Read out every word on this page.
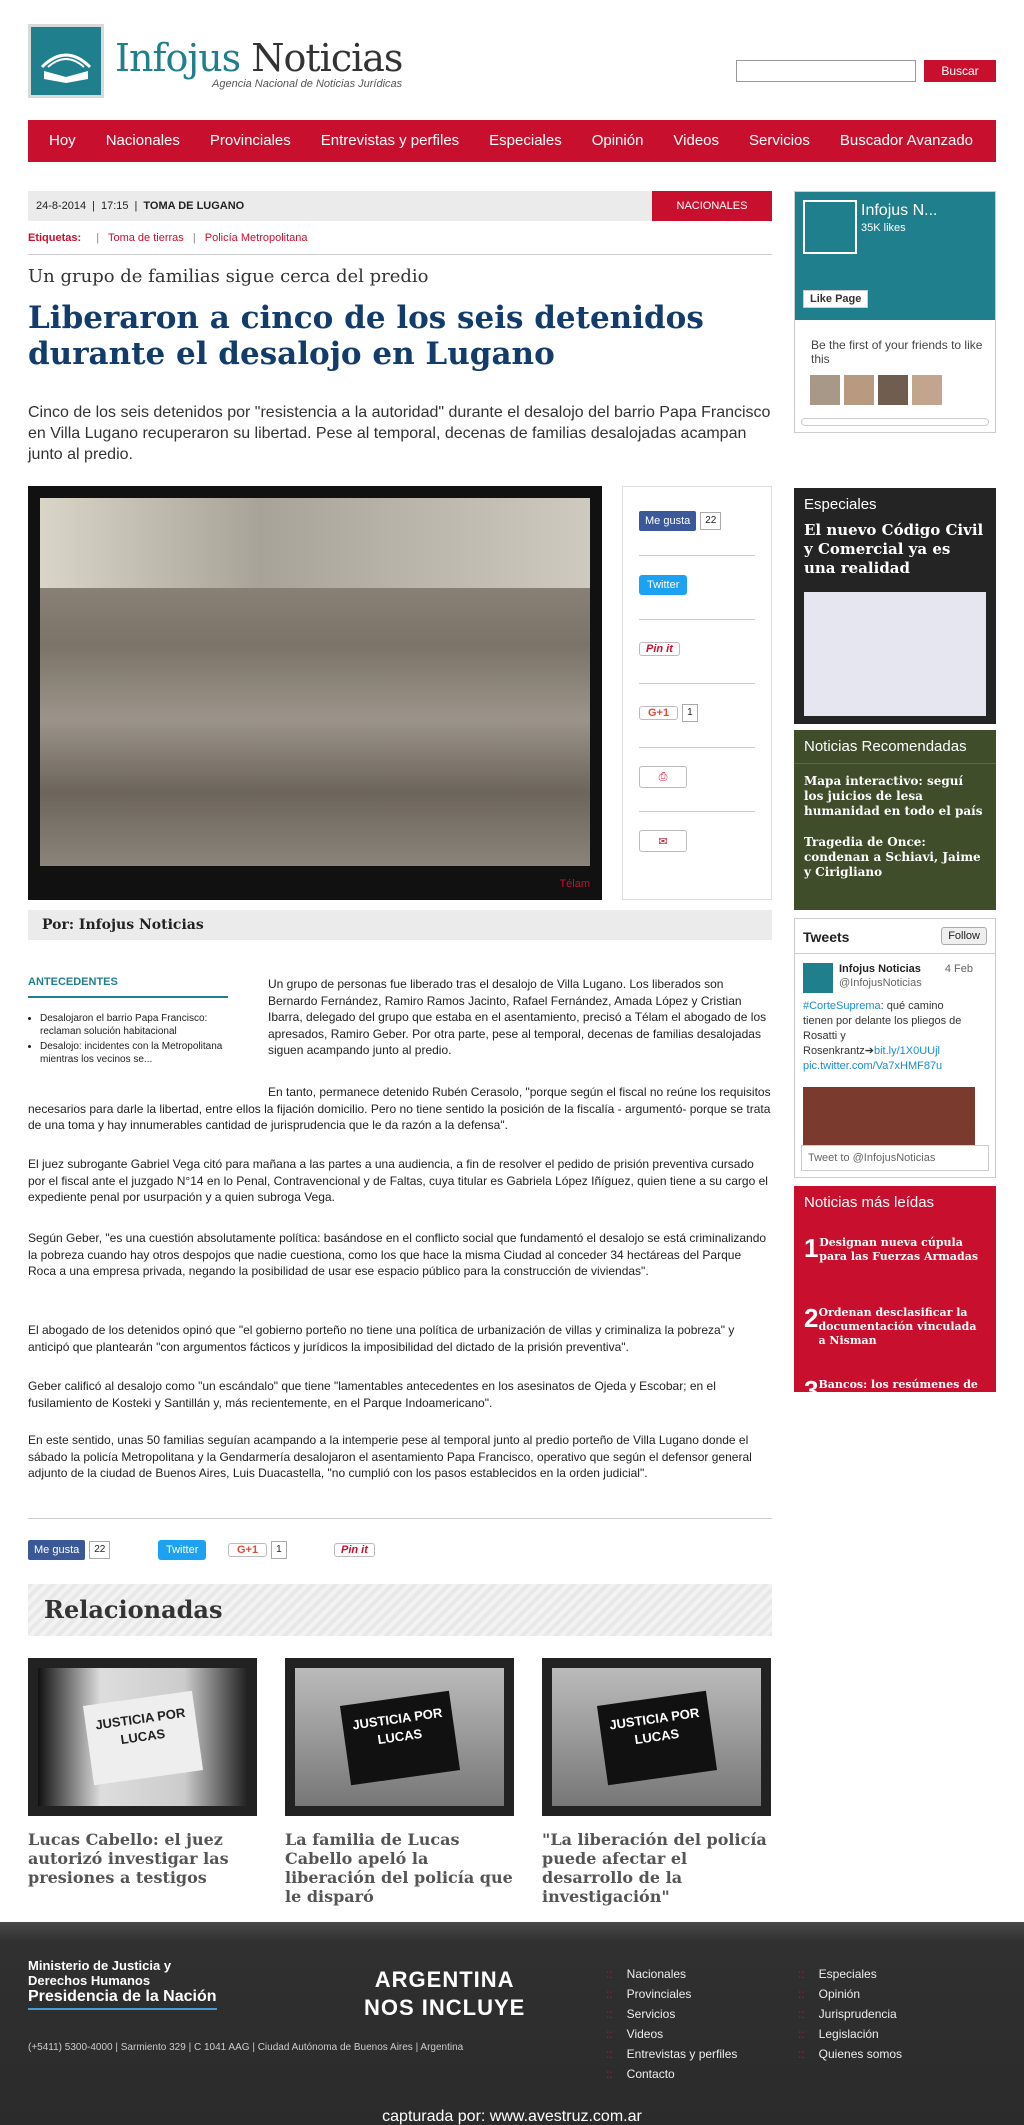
Infojus Noticias
Agencia Nacional de Noticias Jurídicas
Buscar
Hoy	Nacionales	Provinciales	Entrevistas y perfiles	Especiales	Opinión	Videos	Servicios	Buscador Avanzado
24-8-2014 | 17:15 | TOMA DE LUGANO	NACIONALES
Etiquetas: | Toma de tierras | Policía Metropolitana
Un grupo de familias sigue cerca del predio
Liberaron a cinco de los seis detenidos durante el desalojo en Lugano
Cinco de los seis detenidos por "resistencia a la autoridad" durante el desalojo del barrio Papa Francisco en Villa Lugano recuperaron su libertad. Pese al temporal, decenas de familias desalojadas acampan junto al predio.
Télam
Me gusta	22
Twitter
Pin it
G+1	1
⎙
✉
Por: Infojus Noticias
ANTECEDENTES
• Desalojaron el barrio Papa Francisco: reclaman solución habitacional
• Desalojo: incidentes con la Metropolitana mientras los vecinos se...
Un grupo de personas fue liberado tras el desalojo de Villa Lugano. Los liberados son Bernardo Fernández, Ramiro Ramos Jacinto, Rafael Fernández, Amada López y Cristian Ibarra, delegado del grupo que estaba en el asentamiento, precisó a Télam el abogado de los apresados, Ramiro Geber. Por otra parte, pese al temporal, decenas de familias desalojadas siguen acampando junto al predio.
En tanto, permanece detenido Rubén Cerasolo, "porque según el fiscal no reúne los requisitos necesarios para darle la libertad, entre ellos la fijación domicilio. Pero no tiene sentido la posición de la fiscalía - argumentó- porque se trata de una toma y hay innumerables cantidad de jurisprudencia que le da razón a la defensa".
El juez subrogante Gabriel Vega citó para mañana a las partes a una audiencia, a fin de resolver el pedido de prisión preventiva cursado por el fiscal ante el juzgado N°14 en lo Penal, Contravencional y de Faltas, cuya titular es Gabriela López Iñíguez, quien tiene a su cargo el expediente penal por usurpación y a quien subroga Vega.
Según Geber, "es una cuestión absolutamente política: basándose en el conflicto social que fundamentó el desalojo se está criminalizando la pobreza cuando hay otros despojos que nadie cuestiona, como los que hace la misma Ciudad al conceder 34 hectáreas del Parque Roca a una empresa privada, negando la posibilidad de usar ese espacio público para la construcción de viviendas".
El abogado de los detenidos opinó que "el gobierno porteño no tiene una política de urbanización de villas y criminaliza la pobreza" y anticipó que plantearán "con argumentos fácticos y jurídicos la imposibilidad del dictado de la prisión preventiva".
Geber calificó al desalojo como "un escándalo" que tiene "lamentables antecedentes en los asesinatos de Ojeda y Escobar; en el fusilamiento de Kosteki y Santillán y, más recientemente, en el Parque Indoamericano".
En este sentido, unas 50 familias seguían acampando a la intemperie pese al temporal junto al predio porteño de Villa Lugano donde el sábado la policía Metropolitana y la Gendarmería desalojaron el asentamiento Papa Francisco, operativo que según el defensor general adjunto de la ciudad de Buenos Aires, Luis Duacastella, "no cumplió con los pasos establecidos en la orden judicial".
Me gusta	22	Twitter	G+1	1	Pin it
Relacionadas
JUSTICIA POR LUCAS
Lucas Cabello: el juez autorizó investigar las presiones a testigos
JUSTICIA POR LUCAS
La familia de Lucas Cabello apeló la liberación del policía que le disparó
JUSTICIA POR LUCAS
"La liberación del policía puede afectar el desarrollo de la investigación"
Infojus N...
35K likes
Like Page
Be the first of your friends to like this
Especiales
El nuevo Código Civil y Comercial ya es una realidad
Noticias Recomendadas
Mapa interactivo: seguí los juicios de lesa humanidad en todo el país
Tragedia de Once: condenan a Schiavi, Jaime y Cirigliano
Tweets	Follow
Infojus Noticias
@InfojusNoticias
4 Feb
#CorteSuprema: qué camino tienen por delante los pliegos de Rosatti y Rosenkrantz➔bit.ly/1X0UUjl pic.twitter.com/Va7xHMF87u
Tweet to @InfojusNoticias
Noticias más leídas
1 Designan nueva cúpula para las Fuerzas Armadas
2 Ordenan desclasificar la documentación vinculada a Nisman
3 Bancos: los resúmenes de cuenta y de tarjetas serán electrónicos
4 Deberán definir si se unifican las causas por la triple fuga
5 Cómo deben actuar los funcionarios en caso de recibir regalos de cortesía
Ministerio de Justicia y Derechos Humanos
Presidencia de la Nación
(+5411) 5300-4000 | Sarmiento 329 | C 1041 AAG | Ciudad Autónoma de Buenos Aires | Argentina
ARGENTINA
NOS INCLUYE
:: Nacionales
:: Provinciales
:: Servicios
:: Videos
:: Entrevistas y perfiles
:: Contacto
:: Especiales
:: Opinión
:: Jurisprudencia
:: Legislación
:: Quienes somos
capturada por: www.avestruz.com.ar
